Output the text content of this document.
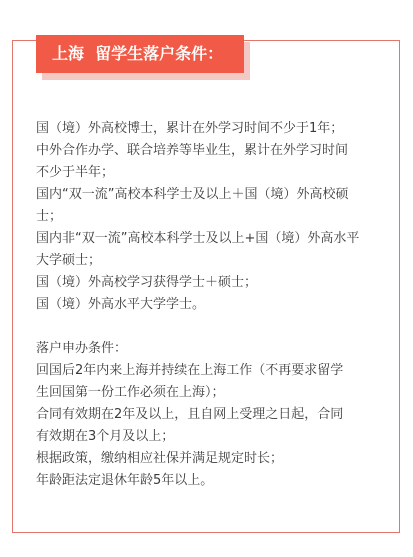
上海  留学生落户条件：
国（境）外高校博士，累计在外学习时间不少于1年；
中外合作办学、联合培养等毕业生，累计在外学习时间
不少于半年；
国内“双一流”高校本科学士及以上＋国（境）外高校硕
士；
国内非“双一流”高校本科学士及以上+国（境）外高水平
大学硕士；
国（境）外高校学习获得学士＋硕士；
国（境）外高水平大学学士。
落户申办条件：
回国后2年内来上海并持续在上海工作（不再要求留学
生回国第一份工作必须在上海）；
合同有效期在2年及以上，且自网上受理之日起，合同
有效期在3个月及以上；
根据政策，缴纳相应社保并满足规定时长；
年龄距法定退休年龄5年以上。
